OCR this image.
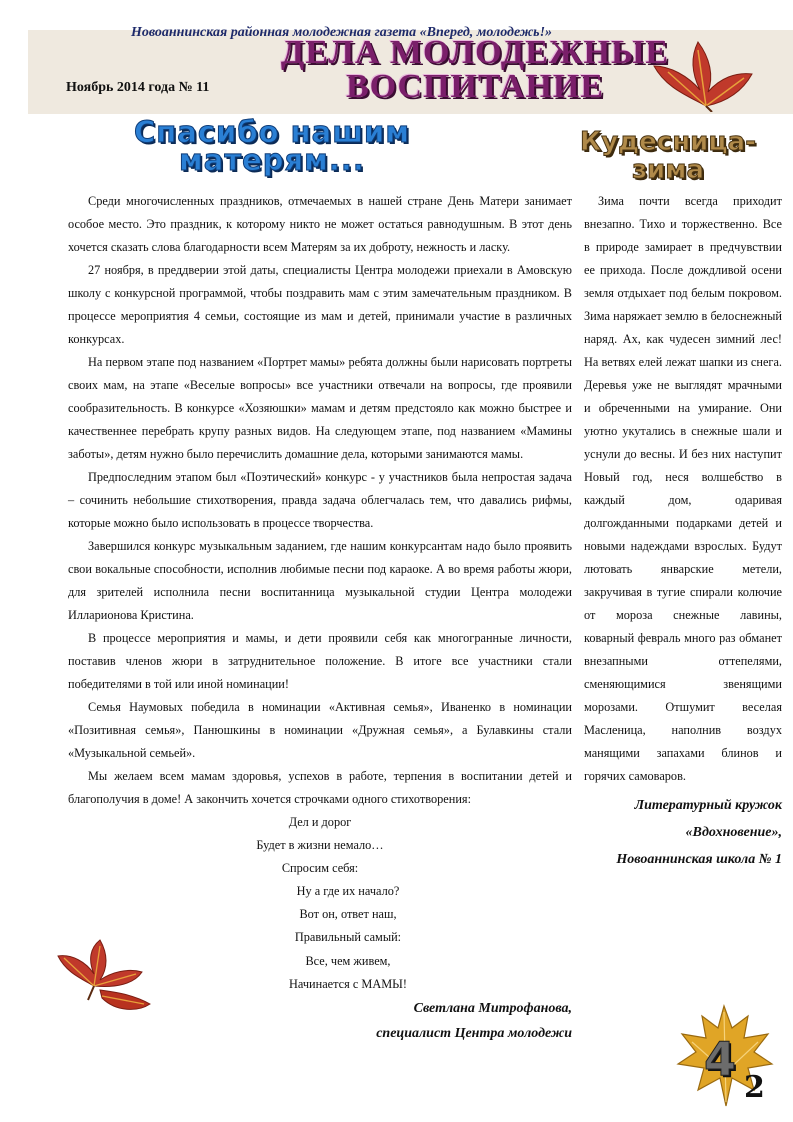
Новоаннинская районная молодежная газета «Вперед, молодежь!»
Ноябрь 2014 года № 11
ДЕЛА МОЛОДЕЖНЫЕ
ВОСПИТАНИЕ
Спасибо нашим
матерям...
Кудесница-
зима

Среди многочисленных праздников, отмечаемых в нашей стране День Матери занимает особое место. Это праздник, к которому никто не может остаться равнодушным. В этот день хочется сказать слова благодарности всем Матерям за их доброту, нежность и ласку.

27 ноября, в преддверии этой даты, специалисты Центра молодежи приехали в Амовскую школу с конкурсной программой, чтобы поздравить мам с этим замечательным праздником. В процессе мероприятия 4 семьи, состоящие из мам и детей, принимали участие в различных конкурсах.

На первом этапе под названием «Портрет мамы» ребята должны были нарисовать портреты своих мам, на этапе «Веселые вопросы» все участники отвечали на вопросы, где проявили сообразительность. В конкурсе «Хозяюшки» мамам и детям предстояло как можно быстрее и качественнее перебрать крупу разных видов. На следующем этапе, под названием «Мамины заботы», детям нужно было перечислить домашние дела, которыми занимаются мамы.

Предпоследним этапом был «Поэтический» конкурс - у участников была непростая задача – сочинить небольшие стихотворения, правда задача облегчалась тем, что давались рифмы, которые можно было использовать в процессе творчества.

Завершился конкурс музыкальным заданием, где нашим конкурсантам надо было проявить свои вокальные способности, исполнив любимые песни под караоке. А во время работы жюри, для зрителей исполнила песни воспитанница музыкальной студии Центра молодежи Илларионова Кристина.

В процессе мероприятия и мамы, и дети проявили себя как многогранные личности, поставив членов жюри в затруднительное положение. В итоге все участники стали победителями в той или иной номинации!

Семья Наумовых победила в номинации «Активная семья», Иваненко в номинации «Позитивная семья», Панюшкины в номинации «Дружная семья», а Булавкины стали «Музыкальной семьей».

Мы желаем всем мамам здоровья, успехов в работе, терпения в воспитании детей и благополучия в доме! А закончить хочется строчками одного стихотворения:

Дел и дорог
Будет в жизни немало…
Спросим себя:
Ну а где их начало?
Вот он, ответ наш,
Правильный самый:
Все, чем живем,
Начинается с МАМЫ!
Светлана Митрофанова,
специалист Центра молодежи

Зима почти всегда приходит внезапно. Тихо и торжественно. Все в природе замирает в предчувствии ее прихода. После дождливой осени земля отдыхает под белым покровом. Зима наряжает землю в белоснежный наряд. Ах, как чудесен зимний лес! На ветвях елей лежат шапки из снега. Деревья уже не выглядят мрачными и обреченными на умирание. Они уютно укутались в снежные шали и уснули до весны. И без них наступит Новый год, неся волшебство в каждый дом, одаривая долгожданными подарками детей и новыми надеждами взрослых. Будут лютовать январские метели, закручивая в тугие спирали колючие от мороза снежные лавины, коварный февраль много раз обманет внезапными оттепелями, сменяющимися звенящими морозами. Отшумит веселая Масленица, наполнив воздух манящими запахами блинов и горячих самоваров.

Литературный кружок
«Вдохновение»,
Новоаннинская школа № 1
4
2
